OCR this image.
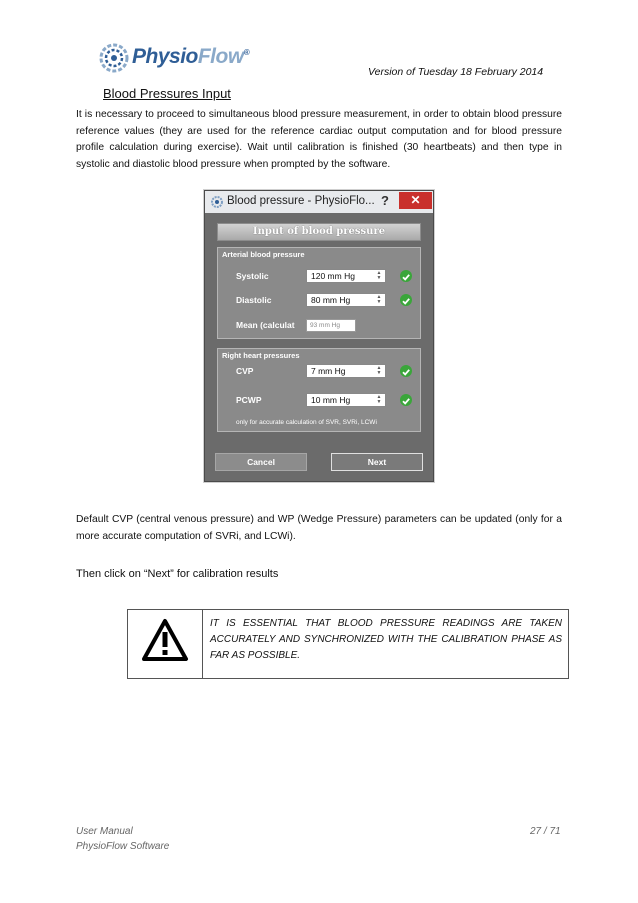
PhysioFlow®
Version of Tuesday 18 February 2014
Blood Pressures Input

It is necessary to proceed to simultaneous blood pressure measurement, in order to obtain blood pressure reference values (they are used for the reference cardiac output computation and for blood pressure profile calculation during exercise). Wait until calibration is finished (30 heartbeats) and then type in systolic and diastolic blood pressure when prompted by the software.

Blood pressure - PhysioFlo... ?	✕
Input of blood pressure
Arterial blood pressure
Systolic	120 mm Hg	▲
▼
Diastolic	80 mm Hg	▲
▼
Mean (calculat	93 mm Hg
Right heart pressures
CVP	7 mm Hg	▲
▼
PCWP	10 mm Hg	▲
▼
only for accurate calculation of SVR, SVRi, LCWi
Cancel	Next

Default CVP (central venous pressure) and WP (Wedge Pressure) parameters can be updated (only for a more accurate computation of SVRi, and LCWi).

Then click on “Next” for calibration results

IT IS ESSENTIAL THAT BLOOD PRESSURE READINGS ARE TAKEN ACCURATELY AND SYNCHRONIZED WITH THE CALIBRATION PHASE AS FAR AS POSSIBLE.
User Manual
PhysioFlow Software
27 / 71
